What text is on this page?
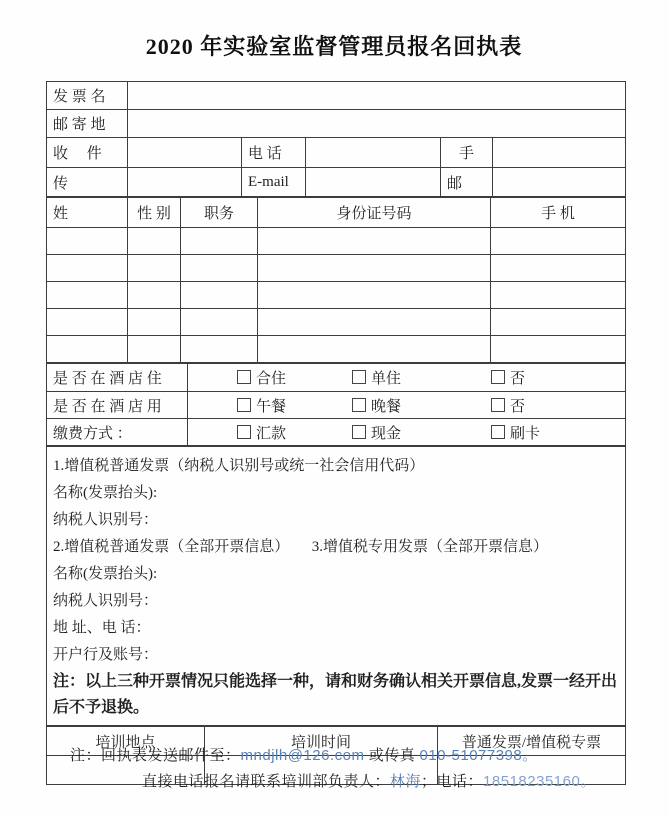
2020 年实验室监督管理员报名回执表
发 票 名					
邮 寄 地					
收　 件		电 话		手	
传		E-mail		邮	
姓	性 别	职务	身份证号码	手 机

是 否 在 酒 店 住	合住 单住 否
是 否 在 酒 店 用	午餐 晚餐 否
缴费方式 ：	汇款 现金 刷卡
1.增值税普通发票（纳税人识别号或统一社会信用代码）
名称(发票抬头):
纳税人识别号：
2.增值税普通发票（全部开票信息）　　3.增值税专用发票（全部开票信息）
名称(发票抬头):
纳税人识别号：
地 址、电 话：
开户行及账号：
注：以上三种开票情况只能选择一种，请和财务确认相关开票信息,发票一经开出后不予退换。
培训地点	培训时间	普通发票/增值税专票

注：回执表发送邮件至：mndjlh@126.com 或传真 010-51077398。
直接电话报名请联系培训部负责人：林海；电话：18518235160。
